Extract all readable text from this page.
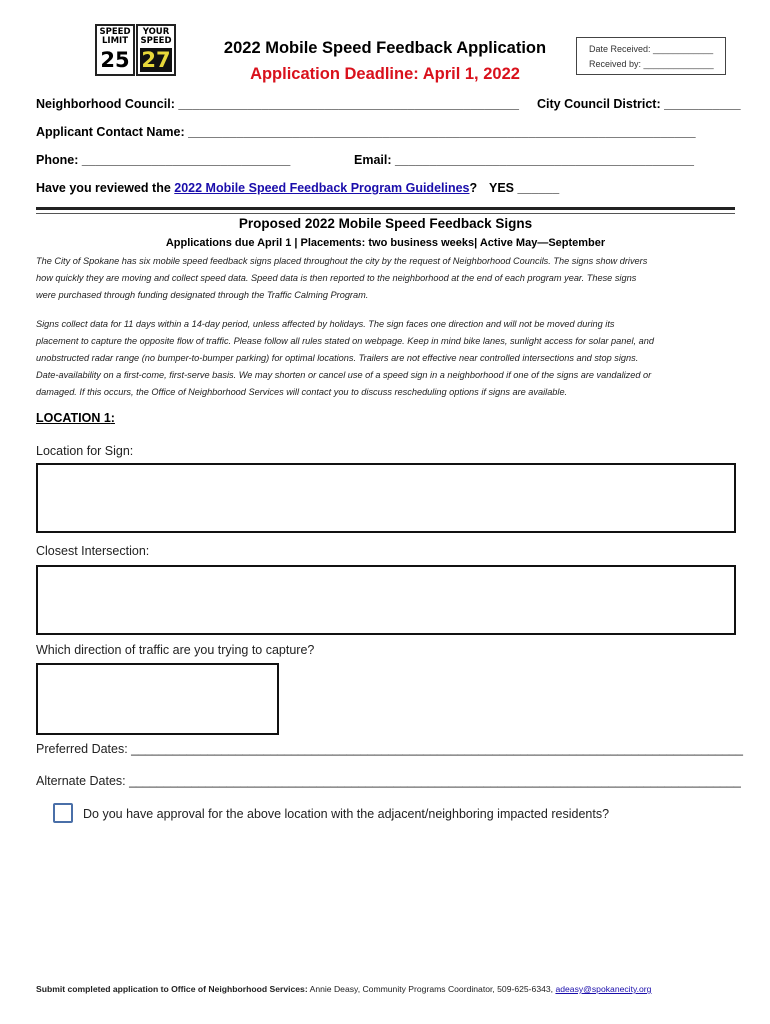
SPEED
LIMIT
25
YOUR
SPEED
27	2022 Mobile Speed Feedback Application
Application Deadline: April 1, 2022
Date Received: ____________
Received by: ______________
Neighborhood Council: _________________________________________________ City Council District: ___________
Applicant Contact Name: _________________________________________________________________________
Phone: ______________________________	Email: ___________________________________________
Have you reviewed the 2022 Mobile Speed Feedback Program Guidelines? YES ______
Proposed 2022 Mobile Speed Feedback Signs
Applications due April 1 | Placements: two business weeks| Active May—September
The City of Spokane has six mobile speed feedback signs placed throughout the city by the request of Neighborhood Councils. The signs show drivers
how quickly they are moving and collect speed data. Speed data is then reported to the neighborhood at the end of each program year. These signs
were purchased through funding designated through the Traffic Calming Program.
Signs collect data for 11 days within a 14-day period, unless affected by holidays. The sign faces one direction and will not be moved during its
placement to capture the opposite flow of traffic. Please follow all rules stated on webpage. Keep in mind bike lanes, sunlight access for solar panel, and
unobstructed radar range (no bumper-to-bumper parking) for optimal locations. Trailers are not effective near controlled intersections and stop signs.
Date-availability on a first-come, first-serve basis. We may shorten or cancel use of a speed sign in a neighborhood if one of the signs are vandalized or
damaged. If this occurs, the Office of Neighborhood Services will contact you to discuss rescheduling options if signs are available.
LOCATION 1:
Location for Sign:
Closest Intersection:
Which direction of traffic are you trying to capture?
Preferred Dates: ________________________________________________________________________________________
Alternate Dates: ________________________________________________________________________________________
Do you have approval for the above location with the adjacent/neighboring impacted residents?
Submit completed application to Office of Neighborhood Services: Annie Deasy, Community Programs Coordinator, 509-625-6343, adeasy@spokanecity.org
